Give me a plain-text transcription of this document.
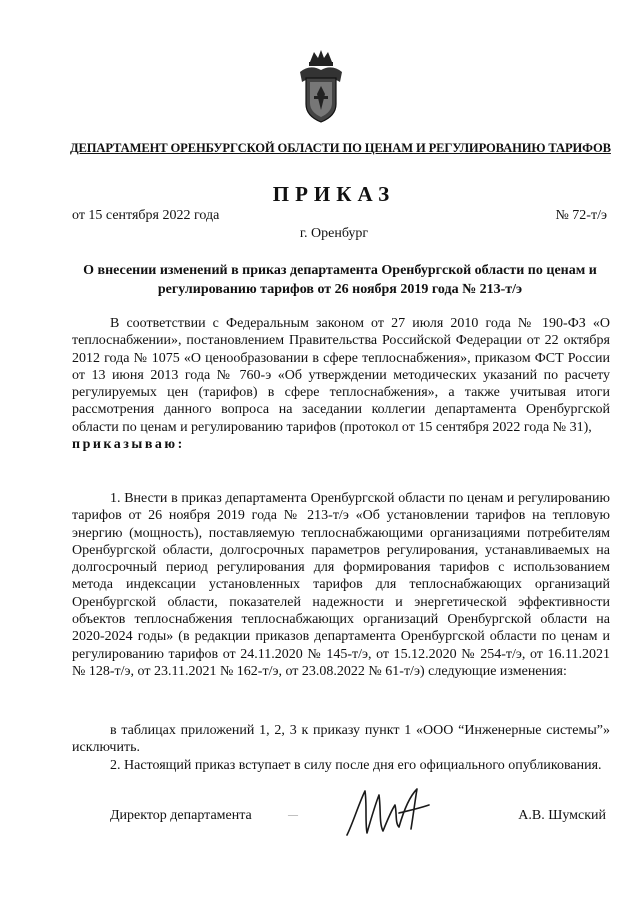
ДЕПАРТАМЕНТ ОРЕНБУРГСКОЙ ОБЛАСТИ ПО ЦЕНАМ И РЕГУЛИРОВАНИЮ ТАРИФОВ
ПРИКАЗ
от 15 сентября 2022 года	№ 72-т/э
г. Оренбург
О внесении изменений в приказ департамента Оренбургской области по ценам и регулированию тарифов от 26 ноября 2019 года № 213-т/э
В соответствии с Федеральным законом от 27 июля 2010 года № 190-ФЗ «О теплоснабжении», постановлением Правительства Российской Федерации от 22 октября 2012 года № 1075 «О ценообразовании в сфере теплоснабжения», приказом ФСТ России от 13 июня 2013 года № 760-э «Об утверждении методических указаний по расчету регулируемых цен (тарифов) в сфере теплоснабжения», а также учитывая итоги рассмотрения данного вопроса на заседании коллегии департамента Оренбургской области по ценам и регулированию тарифов (протокол от 15 сентября 2022 года № 31),
приказываю:
1. Внести в приказ департамента Оренбургской области по ценам и регулированию тарифов от 26 ноября 2019 года № 213-т/э «Об установлении тарифов на тепловую энергию (мощность), поставляемую теплоснабжающими организациями потребителям Оренбургской области, долгосрочных параметров регулирования, устанавливаемых на долгосрочный период регулирования для формирования тарифов с использованием метода индексации установленных тарифов для теплоснабжающих организаций Оренбургской области, показателей надежности и энергетической эффективности объектов теплоснабжения теплоснабжающих организаций Оренбургской области на 2020-2024 годы» (в редакции приказов департамента Оренбургской области по ценам и регулированию тарифов от 24.11.2020 № 145-т/э, от 15.12.2020 № 254-т/э, от 16.11.2021 № 128-т/э, от 23.11.2021 № 162-т/э, от 23.08.2022 № 61-т/э) следующие изменения:
в таблицах приложений 1, 2, 3 к приказу пункт 1 «ООО “Инженерные системы”» исключить.
2. Настоящий приказ вступает в силу после дня его официального опубликования.
Директор департамента	—	А.В. Шумский
